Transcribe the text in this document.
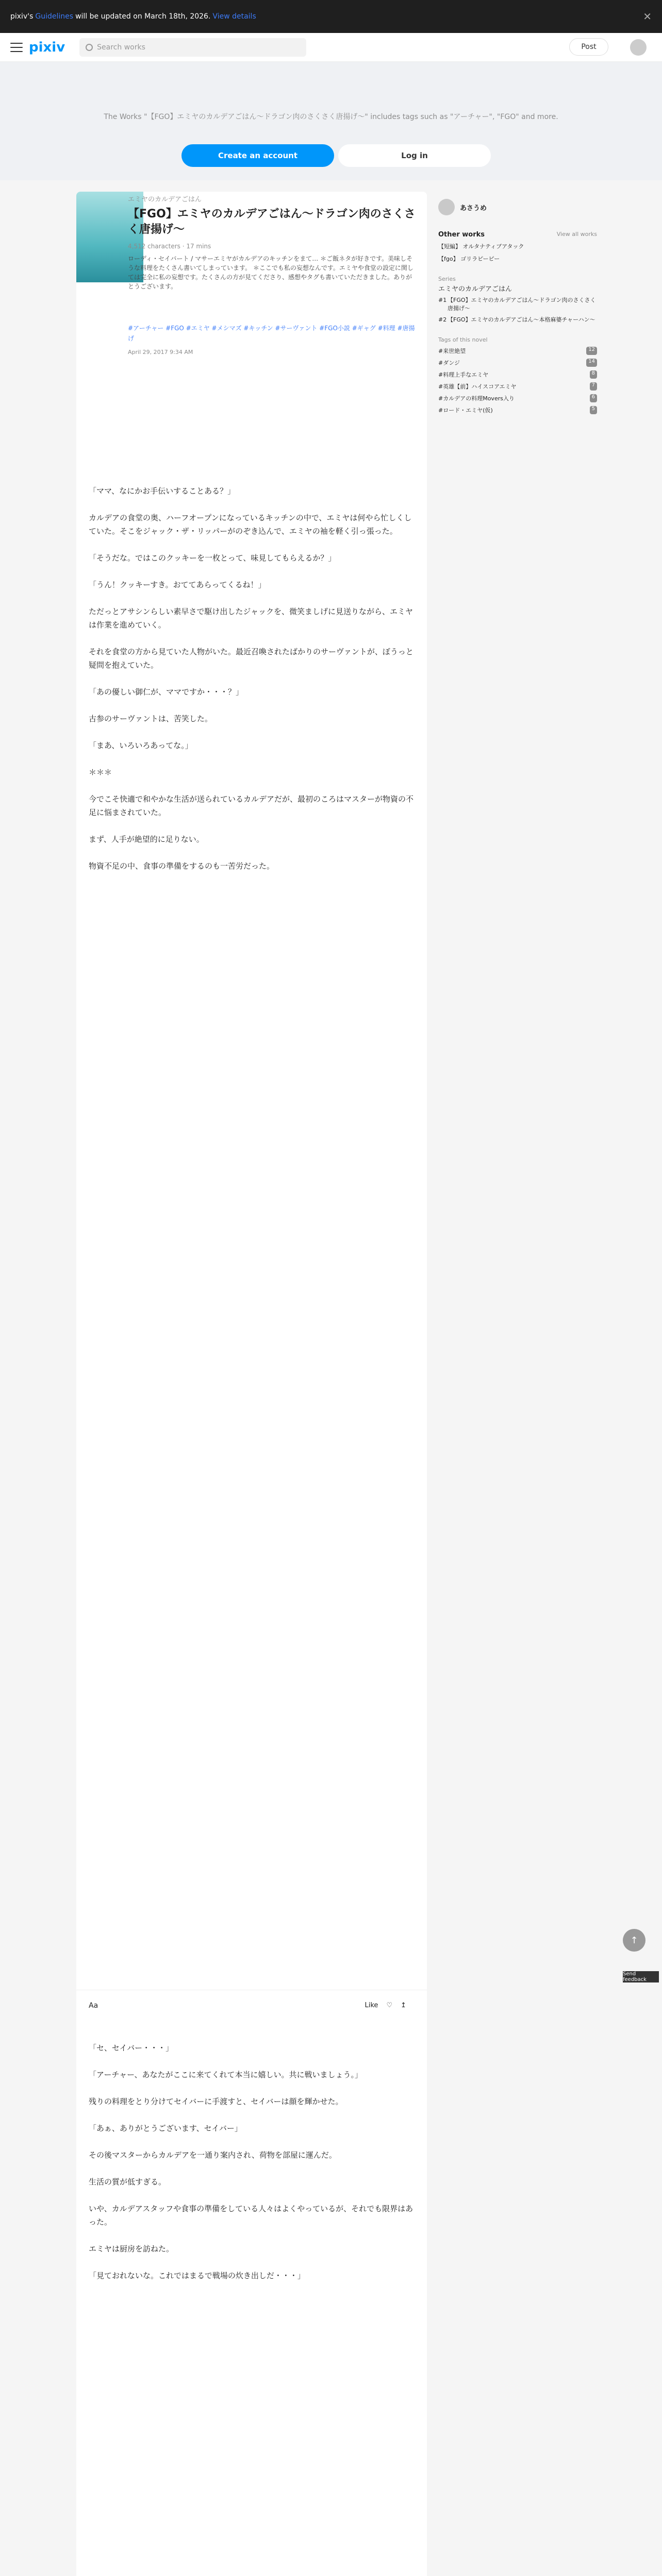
pixiv's Guidelines will be updated on March 18th, 2026. View details	✕
pixiv	Search works	Post

The Works "【FGO】エミヤのカルデアごはん〜ドラゴン肉のさくさく唐揚げ〜" includes tags such as "アーチャー", "FGO" and more.

Create an account	Log in
エミヤのカルデアごはん
【FGO】エミヤのカルデアごはん〜ドラゴン肉のさくさく唐揚げ〜
4,512 characters · 17 mins
ローディ・セイバート / マサーエミヤがカルデアのキッチンをまて… ＊ご飯ネタが好きです。美味しそうな料理をたくさん書いてしまっています。 ＊ここでも私の妄想なんです。エミヤや食堂の設定に関しては完全に私の妄想です。たくさんの方が見てくださり、感想やタグも書いていただきました。ありがとうございます。
#アーチャー #FGO #エミヤ #メシマズ #キッチン #サーヴァント #FGO小説 #ギャグ #料理 #唐揚げ
April 29, 2017 9:34 AM

「ママ、なにかお手伝いすることある？」

カルデアの食堂の奥、ハーフオープンになっているキッチンの中で、エミヤは何やら忙しくしていた。そこをジャック・ザ・リッパーがのぞき込んで、エミヤの袖を軽く引っ張った。

「そうだな。ではこのクッキーを一枚とって、味見してもらえるか？」

「うん！クッキーすき。おててあらってくるね！」

ただっとアサシンらしい素早さで駆け出したジャックを、微笑ましげに見送りながら、エミヤは作業を進めていく。

それを食堂の方から見ていた人物がいた。最近召喚されたばかりのサーヴァントが、ぼうっと疑問を抱えていた。

「あの優しい御仁が、ママですか・・・？」

古参のサーヴァントは、苦笑した。

「まあ、いろいろあってな。」

＊＊＊

今でこそ快適で和やかな生活が送られているカルデアだが、最初のころはマスターが物資の不足に悩まされていた。

まず、人手が絶望的に足りない。

物資不足の中、食事の準備をするのも一苦労だった。

あさうめ
Other works	View all works
【短編】 オルタナティブアタック
【fgo】 ゴリラピーピー
Series
エミヤのカルデアごはん
#1 【FGO】エミヤのカルデアごはん〜ドラゴン肉のさくさく唐揚げ〜
#2 【FGO】エミヤのカルデアごはん〜本格麻婆チャーハン〜
Tags of this novel
#来世絶望	12
#ダンジ	14
#料理上手なエミヤ	8
#英雄【前】ハイスコアエミヤ	7
#カルデアの料理Movers入り	6
#ロード・エミヤ(仮)	5
↑
Send feedback
Aa	Like ♡ ↥

「セ、セイバー・・・」

「アーチャー、あなたがここに来てくれて本当に嬉しい。共に戦いましょう。」

残りの料理をとり分けてセイバーに手渡すと、セイバーは顔を輝かせた。

「あぁ、ありがとうございます、セイバー」

その後マスターからカルデアを一通り案内され、荷物を部屋に運んだ。

生活の質が低すぎる。

いや、カルデアスタッフや食事の準備をしている人々はよくやっているが、それでも限界はあった。

エミヤは厨房を訪ねた。

「見ておれないな。これではまるで戦場の炊き出しだ・・・」
